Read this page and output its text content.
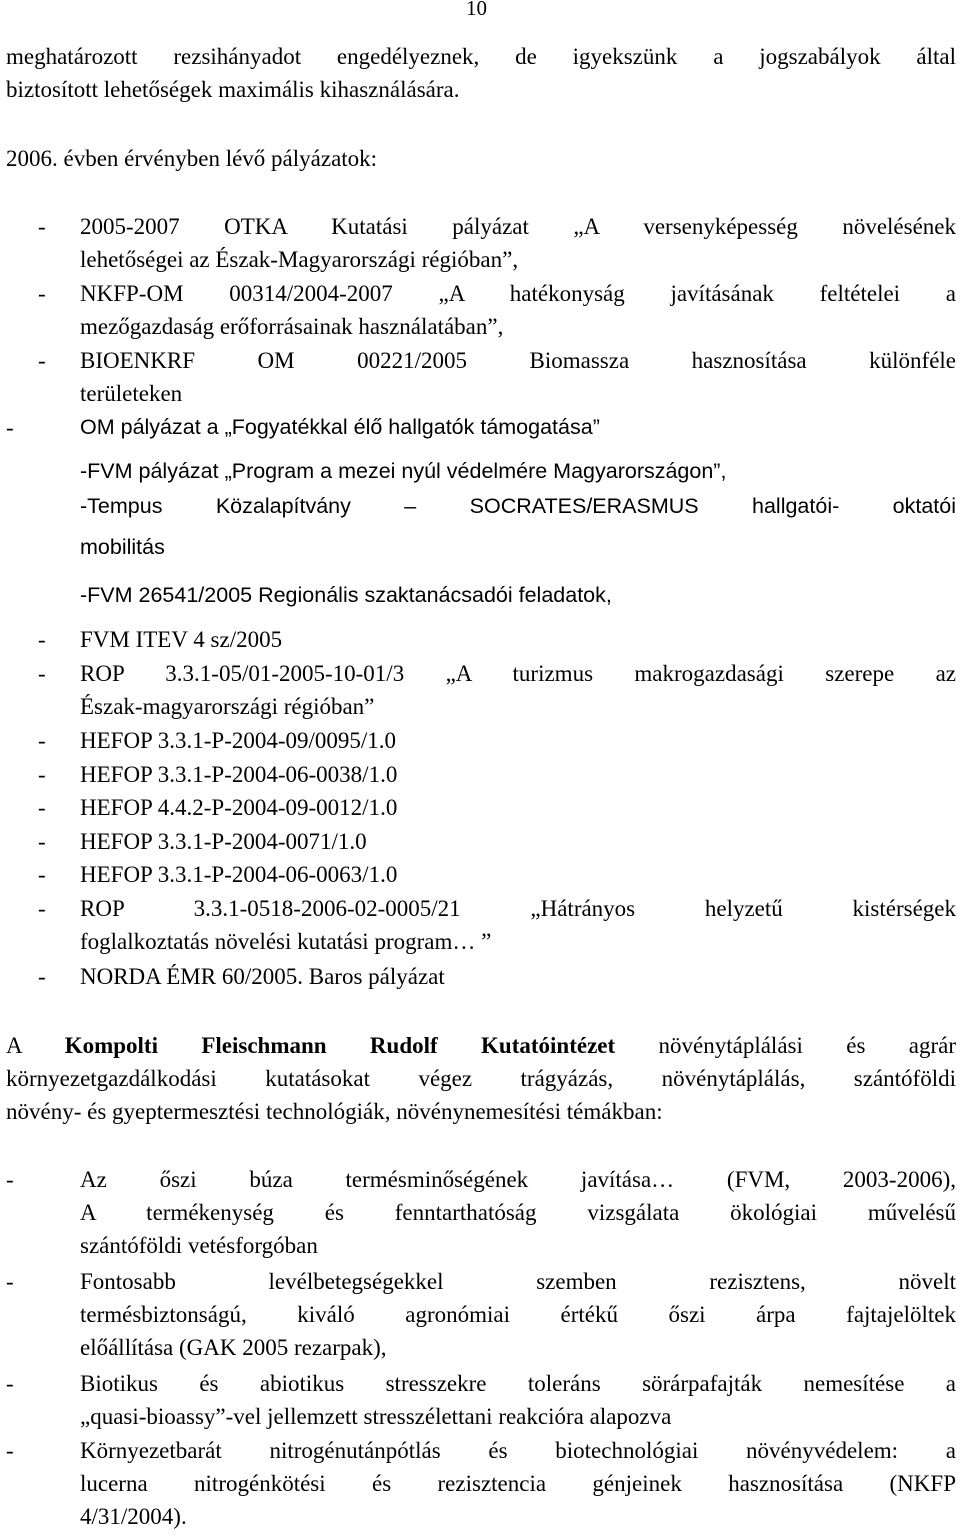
10
meghatározott rezsihányadot engedélyeznek, de igyekszünk a jogszabályok által
biztosított lehetőségek maximális kihasználására.
2006. évben érvényben lévő pályázatok:
- 2005-2007 OTKA Kutatási pályázat „A versenyképesség növelésének
lehetőségei az Észak-Magyarországi régióban”,
- NKFP-OM 00314/2004-2007 „A hatékonyság javításának feltételei a
mezőgazdaság erőforrásainak használatában”,
- BIOENKRF OM 00221/2005 Biomassza hasznosítása különféle
területeken
-	OM pályázat a „Fogyatékkal élő hallgatók támogatása”
-FVM pályázat „Program a mezei nyúl védelmére Magyarországon”,
-Tempus Közalapítvány – SOCRATES/ERASMUS hallgatói- oktatói
mobilitás
-FVM 26541/2005 Regionális szaktanácsadói feladatok,
- FVM ITEV 4 sz/2005
- ROP 3.3.1-05/01-2005-10-01/3 „A turizmus makrogazdasági szerepe az
Észak-magyarországi régióban”
- HEFOP 3.3.1-P-2004-09/0095/1.0
- HEFOP 3.3.1-P-2004-06-0038/1.0
- HEFOP 4.4.2-P-2004-09-0012/1.0
- HEFOP 3.3.1-P-2004-0071/1.0
- HEFOP 3.3.1-P-2004-06-0063/1.0
- ROP 3.3.1-0518-2006-02-0005/21 „Hátrányos helyzetű kistérségek
foglalkoztatás növelési kutatási program… ”
- NORDA ÉMR 60/2005. Baros pályázat
A Kompolti Fleischmann Rudolf Kutatóintézet növénytáplálási és agrár
környezetgazdálkodási kutatásokat végez trágyázás, növénytáplálás, szántóföldi
növény- és gyeptermesztési technológiák, növénynemesítési témákban:
-	Az őszi búza termésminőségének javítása… (FVM, 2003-2006),
A termékenység és fenntarthatóság vizsgálata ökológiai művelésű
szántóföldi vetésforgóban
-	Fontosabb levélbetegségekkel szemben rezisztens, növelt
termésbiztonságú, kiváló agronómiai értékű őszi árpa fajtajelöltek
előállítása (GAK 2005 rezarpak),
-	Biotikus és abiotikus stresszekre toleráns sörárpafajták nemesítése a
„quasi-bioassy”-vel jellemzett stresszélettani reakcióra alapozva
-	Környezetbarát nitrogénutánpótlás és biotechnológiai növényvédelem: a
lucerna nitrogénkötési és rezisztencia génjeinek hasznosítása (NKFP
4/31/2004).
